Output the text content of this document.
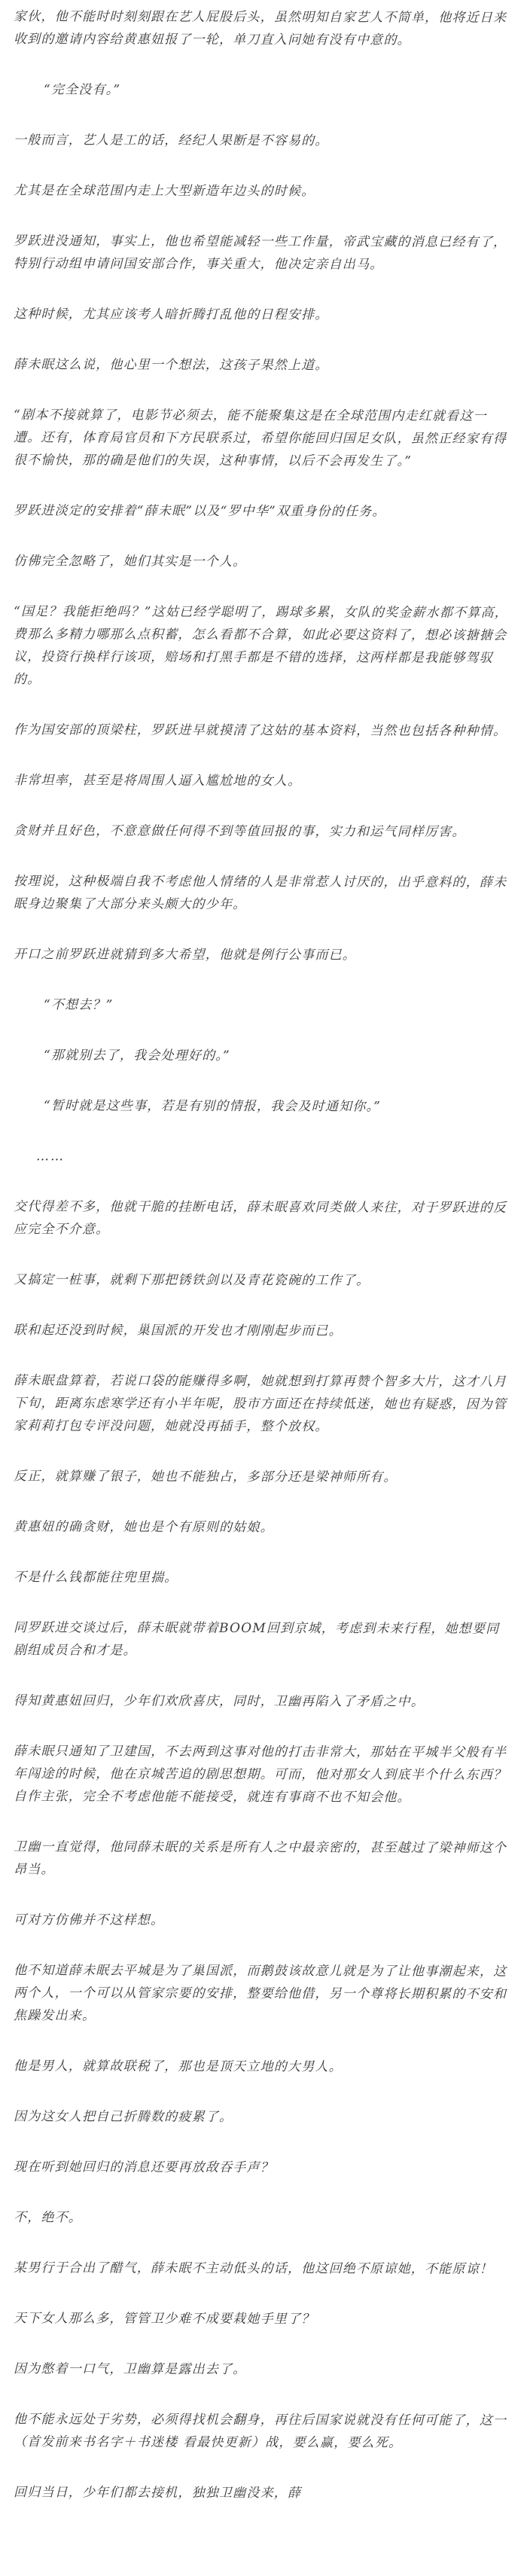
家伙，他不能时时刻刻跟在艺人屁股后头，虽然明知自家艺人不简单，他将近日来收到的邀请内容给黄惠妞报了一轮，单刀直入问她有没有中意的。

“完全没有。”

一般而言，艺人是工的话，经纪人果断是不容易的。

尤其是在全球范围内走上大型新造年边头的时候。

罗跃进没通知，事实上，他也希望能减轻一些工作量，帝武宝藏的消息已经有了，特别行动组申请问国安部合作，事关重大，他决定亲自出马。

这种时候，尤其应该考人暗折腾打乱他的日程安排。

薛未眠这么说，他心里一个想法，这孩子果然上道。

“剧本不接就算了，电影节必须去，能不能聚集这是在全球范围内走红就看这一遭。还有，体育局官员和下方民联系过，希望你能回归国足女队，虽然正经家有得很不愉快，那的确是他们的失误，这种事情，以后不会再发生了。”

罗跃进淡定的安排着“薛未眠”以及“罗中华”双重身份的任务。

仿佛完全忽略了，她们其实是一个人。

“国足？我能拒绝吗？”这姑已经学聪明了，踢球多累，女队的奖金薪水都不算高，费那么多精力哪那么点积蓄，怎么看都不合算，如此必要这资料了，想必该搪搪会议，投资行换样行该项，赔场和打黑手都是不错的选择，这两样都是我能够驾驭的。

作为国安部的顶梁柱，罗跃进早就摸清了这姑的基本资料，当然也包括各种种情。

非常坦率，甚至是将周围人逼入尴尬地的女人。

贪财并且好色，不意意做任何得不到等值回报的事，实力和运气同样厉害。

按理说，这种极端自我不考虑他人情绪的人是非常惹人讨厌的，出乎意料的，薛未眠身边聚集了大部分来头颇大的少年。

开口之前罗跃进就猜到多大希望，他就是例行公事而已。

“不想去？”

“那就别去了，我会处理好的。”

“暂时就是这些事，若是有别的情报，我会及时通知你。”

……

交代得差不多，他就干脆的挂断电话，薛未眠喜欢同类做人来往，对于罗跃进的反应完全不介意。

又搞定一桩事，就剩下那把锈铁剑以及青花瓷碗的工作了。

联和起还没到时候，巢国派的开发也才刚刚起步而已。

薛未眠盘算着，若说口袋的能赚得多啊，她就想到打算再赞个智多大片，这才八月下旬，距离东虑寒学还有小半年呢，股市方面还在持续低迷，她也有疑惑，因为管家莉莉打包专评没问题，她就没再插手，整个放权。

反正，就算赚了银子，她也不能独占，多部分还是梁神师所有。

黄惠妞的确贪财，她也是个有原则的姑娘。

不是什么钱都能往兜里揣。

同罗跃进交谈过后，薛未眠就带着BOOM回到京城，考虑到未来行程，她想要同剧组成员合和才是。

得知黄惠妞回归，少年们欢欣喜庆，同时，卫幽再陷入了矛盾之中。

薛未眠只通知了卫建国，不去两到这事对他的打击非常大，那姑在平城半父般有半年闯途的时候，他在京城苦追的剧思想期。可而，他对那女人到底半个什么东西？自作主张，完全不考虑他能不能接受，就连有事商不也不知会他。

卫幽一直觉得，他同薛未眠的关系是所有人之中最亲密的，甚至越过了梁神师这个昂当。

可对方仿佛并不这样想。

他不知道薛未眠去平城是为了巢国派，而鹅鼓该故意儿就是为了让他事潮起来，这两个人，一个可以从管家宗要的安排，整要给他借，另一个尊将长期积累的不安和焦躁发出来。

他是男人，就算故联税了，那也是顶天立地的大男人。

因为这女人把自己折腾数的疲累了。

现在听到她回归的消息还要再放敌吞手声？

不，绝不。

某男行于合出了醋气，薛未眠不主动低头的话，他这回绝不原谅她，不能原谅！

天下女人那么多，管管卫少难不成要栽她手里了？

因为憋着一口气，卫幽算是露出去了。

他不能永远处于劣势，必须得找机会翻身，再往后国家说就没有任何可能了，这一（首发前来书名字＋书迷楼 看最快更新）战，要么赢，要么死。

回归当日，少年们都去接机，独独卫幽没来，薛
